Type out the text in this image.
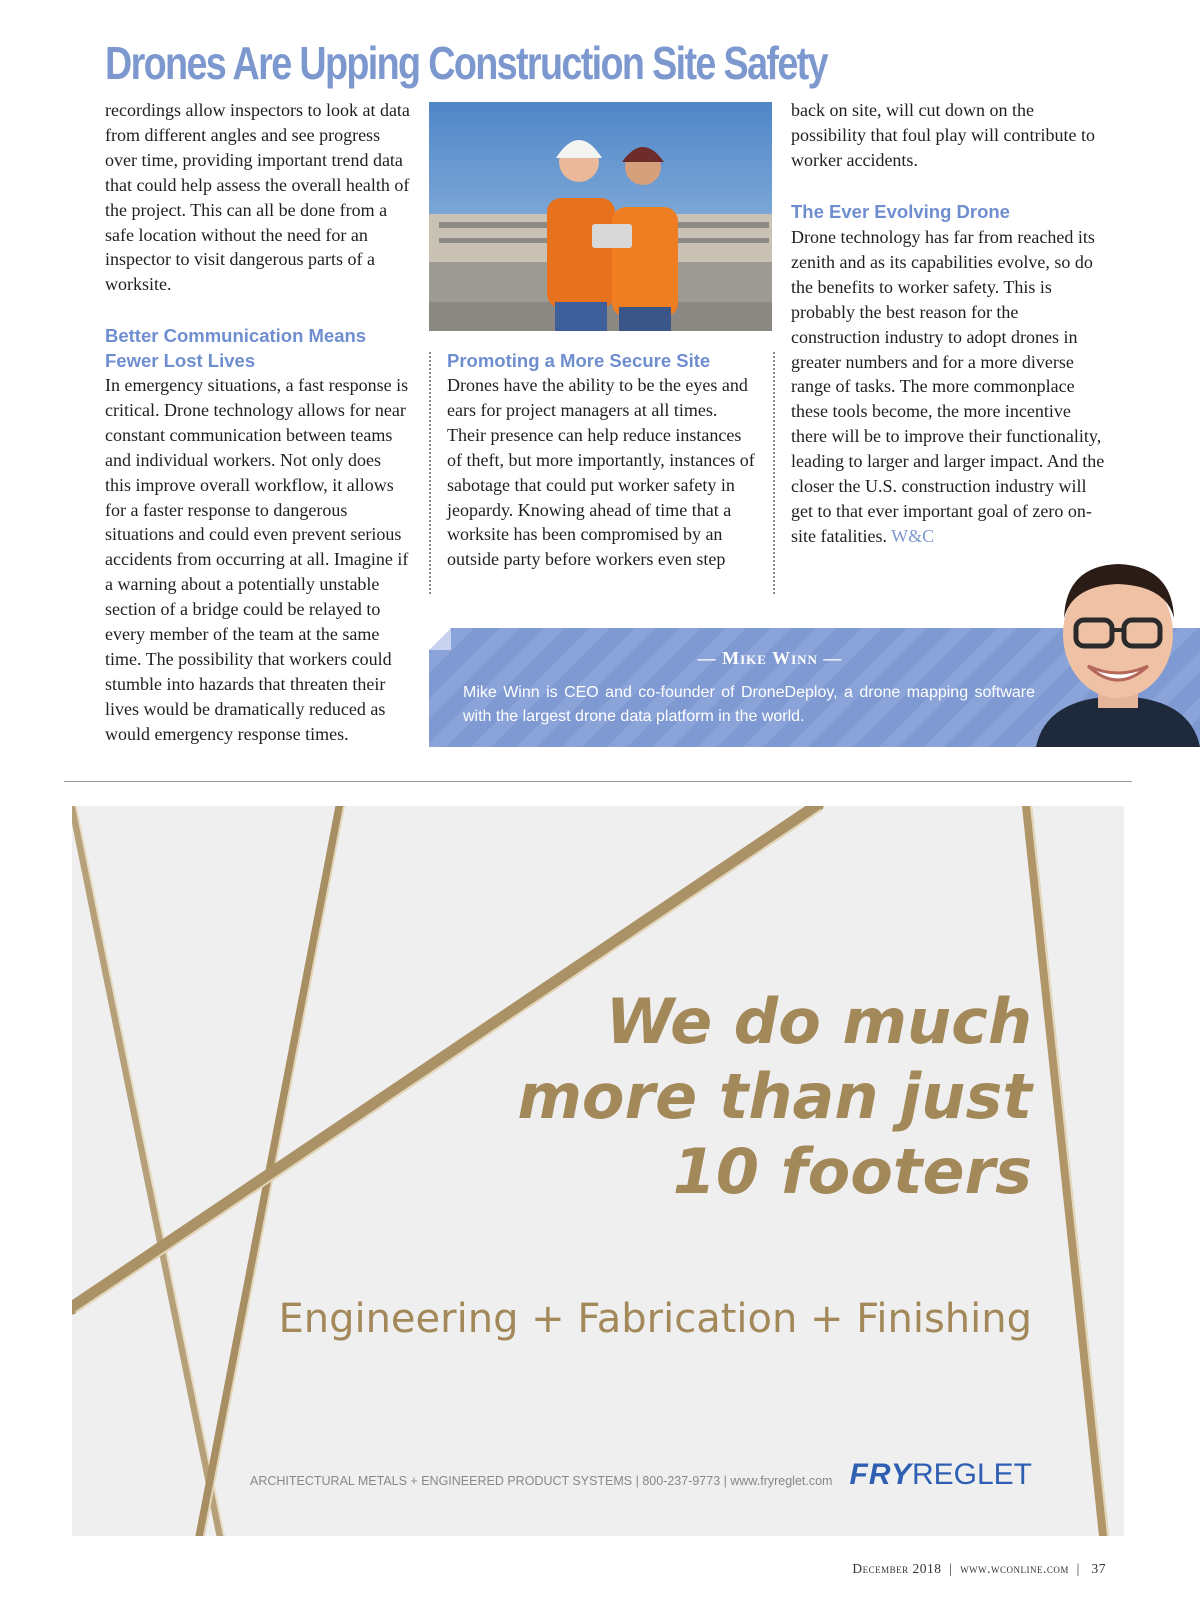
Drones Are Upping Construction Site Safety

recordings allow inspectors to look at data from different angles and see progress over time, providing important trend data that could help assess the overall health of the project. This can all be done from a safe location without the need for an inspector to visit dangerous parts of a worksite.

Better Communication Means Fewer Lost Lives

In emergency situations, a fast response is critical. Drone technology allows for near constant communication between teams and individual workers. Not only does this improve overall workflow, it allows for a faster response to dangerous situations and could even prevent serious accidents from occurring at all. Imagine if a warning about a potentially unstable section of a bridge could be relayed to every member of the team at the same time. The possibility that workers could stumble into hazards that threaten their lives would be dramatically reduced as would emergency response times.

Promoting a More Secure Site

Drones have the ability to be the eyes and ears for project managers at all times. Their presence can help reduce instances of theft, but more importantly, instances of sabotage that could put worker safety in jeopardy. Knowing ahead of time that a worksite has been compromised by an outside party before workers even step

back on site, will cut down on the possibility that foul play will contribute to worker accidents.

The Ever Evolving Drone

Drone technology has far from reached its zenith and as its capabilities evolve, so do the benefits to worker safety. This is probably the best reason for the construction industry to adopt drones in greater numbers and for a more diverse range of tasks. The more commonplace these tools become, the more incentive there will be to improve their functionality, leading to larger and larger impact. And the closer the U.S. construction industry will get to that ever important goal of zero on-site fatalities. W&C

— Mike Winn —

Mike Winn is CEO and co-founder of DroneDeploy, a drone mapping software with the largest drone data platform in the world.

We do much
more than just
10 footers

Engineering + Fabrication + Finishing

ARCHITECTURAL METALS + ENGINEERED PRODUCT SYSTEMS | 800-237-9773 | www.fryreglet.com FRYREGLET

December 2018  |  www.wconline.com  |   37
